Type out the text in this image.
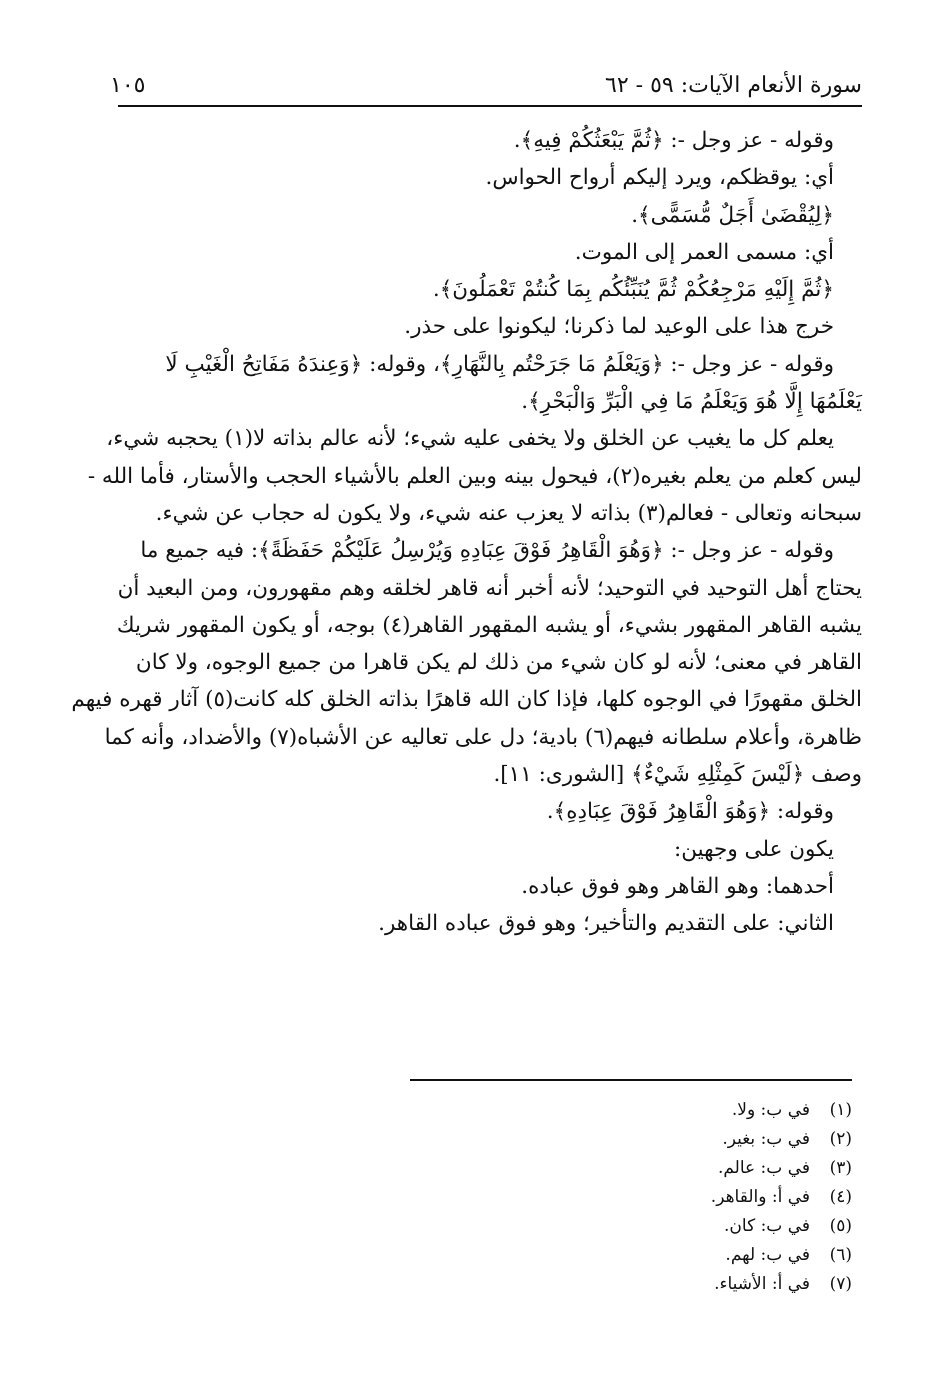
سورة الأنعام الآيات: ٥٩ - ٦٢
١٠٥
وقوله - عز وجل -: ﴿ثُمَّ يَبْعَثُكُمْ فِيهِ﴾.
أي: يوقظكم، ويرد إليكم أرواح الحواس.
﴿لِيُقْضَىٰ أَجَلٌ مُّسَمًّى﴾.
أي: مسمى العمر إلى الموت.
﴿ثُمَّ إِلَيْهِ مَرْجِعُكُمْ ثُمَّ يُنَبِّئُكُم بِمَا كُنتُمْ تَعْمَلُونَ﴾.
خرج هذا على الوعيد لما ذكرنا؛ ليكونوا على حذر.
وقوله - عز وجل -: ﴿وَيَعْلَمُ مَا جَرَحْتُم بِالنَّهَارِ﴾، وقوله: ﴿وَعِندَهُ مَفَاتِحُ الْغَيْبِ لَا
يَعْلَمُهَا إِلَّا هُوَ وَيَعْلَمُ مَا فِي الْبَرِّ وَالْبَحْرِ﴾.
يعلم كل ما يغيب عن الخلق ولا يخفى عليه شيء؛ لأنه عالم بذاته لا(١) يحجبه شيء،
ليس كعلم من يعلم بغيره(٢)، فيحول بينه وبين العلم بالأشياء الحجب والأستار، فأما الله -
سبحانه وتعالى - فعالم(٣) بذاته لا يعزب عنه شيء، ولا يكون له حجاب عن شيء.
وقوله - عز وجل -: ﴿وَهُوَ الْقَاهِرُ فَوْقَ عِبَادِهِ وَيُرْسِلُ عَلَيْكُمْ حَفَظَةً﴾: فيه جميع ما
يحتاج أهل التوحيد في التوحيد؛ لأنه أخبر أنه قاهر لخلقه وهم مقهورون، ومن البعيد أن
يشبه القاهر المقهور بشيء، أو يشبه المقهور القاهر(٤) بوجه، أو يكون المقهور شريك
القاهر في معنى؛ لأنه لو كان شيء من ذلك لم يكن قاهرا من جميع الوجوه، ولا كان
الخلق مقهورًا في الوجوه كلها، فإذا كان الله قاهرًا بذاته الخلق كله كانت(٥) آثار قهره فيهم
ظاهرة، وأعلام سلطانه فيهم(٦) بادية؛ دل على تعاليه عن الأشباه(٧) والأضداد، وأنه كما
وصف ﴿لَيْسَ كَمِثْلِهِ شَيْءٌ﴾ [الشورى: ١١].
وقوله: ﴿وَهُوَ الْقَاهِرُ فَوْقَ عِبَادِهِ﴾.
يكون على وجهين:
أحدهما: وهو القاهر وهو فوق عباده.
الثاني: على التقديم والتأخير؛ وهو فوق عباده القاهر.
(١)في ب: ولا.
(٢)في ب: بغير.
(٣)في ب: عالم.
(٤)في أ: والقاهر.
(٥)في ب: كان.
(٦)في ب: لهم.
(٧)في أ: الأشياء.
